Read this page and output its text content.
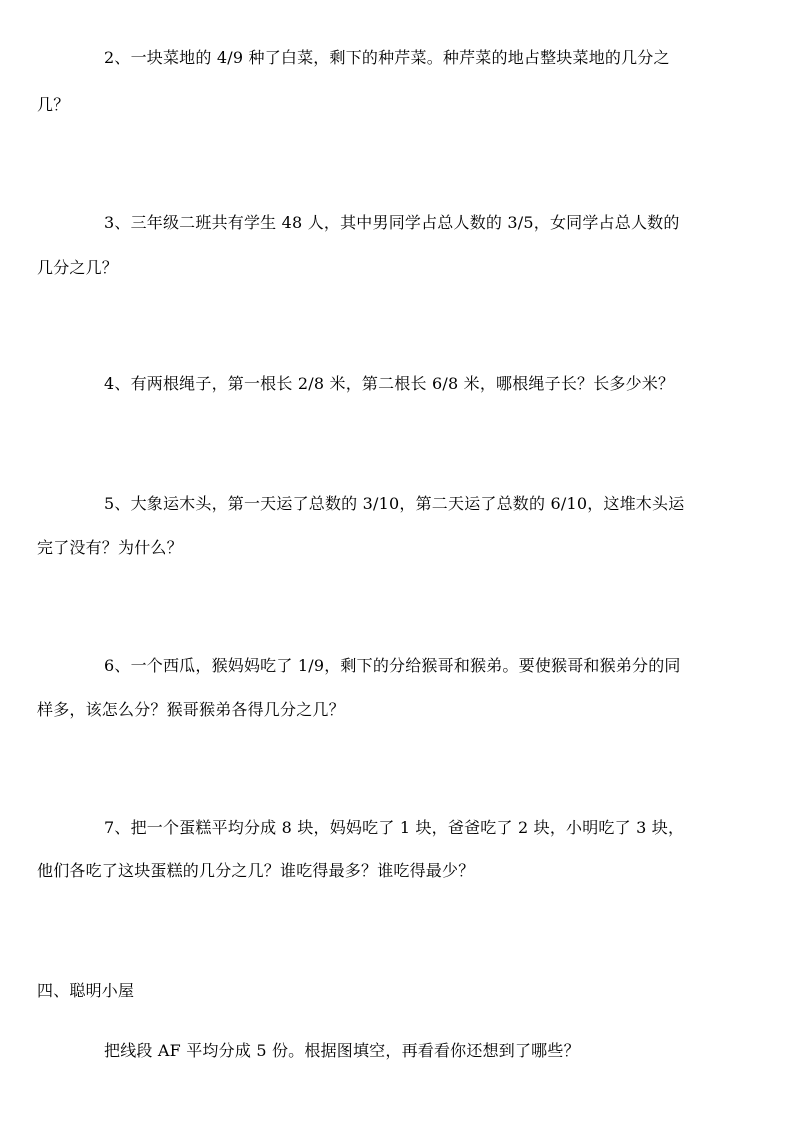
2、一块菜地的 4/9 种了白菜，剩下的种芹菜。种芹菜的地占整块菜地的几分之
几？
3、三年级二班共有学生 48 人，其中男同学占总人数的 3/5，女同学占总人数的
几分之几？
4、有两根绳子，第一根长 2/8 米，第二根长 6/8 米，哪根绳子长？长多少米？
5、大象运木头，第一天运了总数的 3/10，第二天运了总数的 6/10，这堆木头运
完了没有？为什么？
6、一个西瓜，猴妈妈吃了 1/9，剩下的分给猴哥和猴弟。要使猴哥和猴弟分的同
样多，该怎么分？猴哥猴弟各得几分之几？
7、把一个蛋糕平均分成 8 块，妈妈吃了 1 块，爸爸吃了 2 块，小明吃了 3 块，
他们各吃了这块蛋糕的几分之几？谁吃得最多？谁吃得最少？
四、聪明小屋
把线段 AF 平均分成 5 份。根据图填空，再看看你还想到了哪些？
